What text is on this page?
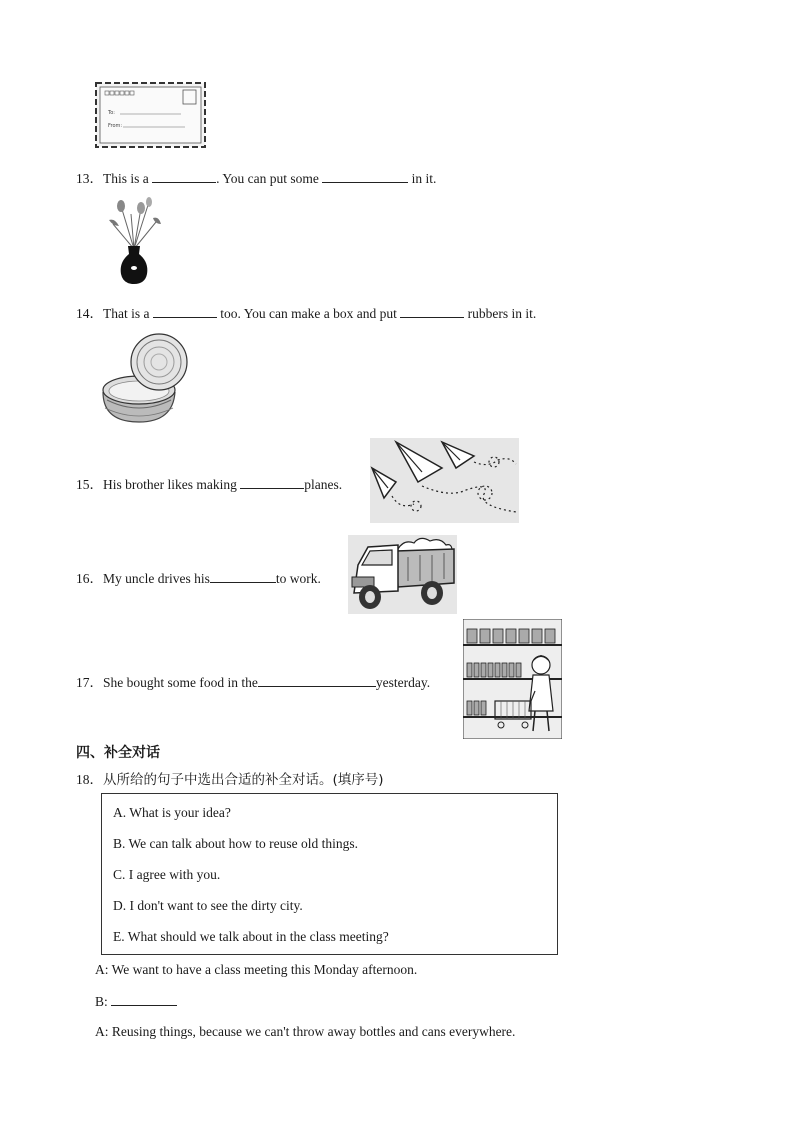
To:
From:
13．This is a	. You can put some	in it.
14．That is a	too. You can make a box and put	rubbers in it.
15．His brother likes making	planes.
16．My uncle drives his	to work.
17．She bought some food in the	yesterday.
四、补全对话
18．从所给的句子中选出合适的补全对话。(填序号)
A. What is your idea?
B. We can talk about how to reuse old things.
C. I agree with you.
D. I don't want to see the dirty city.
E. What should we talk about in the class meeting?
A: We want to have a class meeting this Monday afternoon.
B:
A: Reusing things, because we can't throw away bottles and cans everywhere.
